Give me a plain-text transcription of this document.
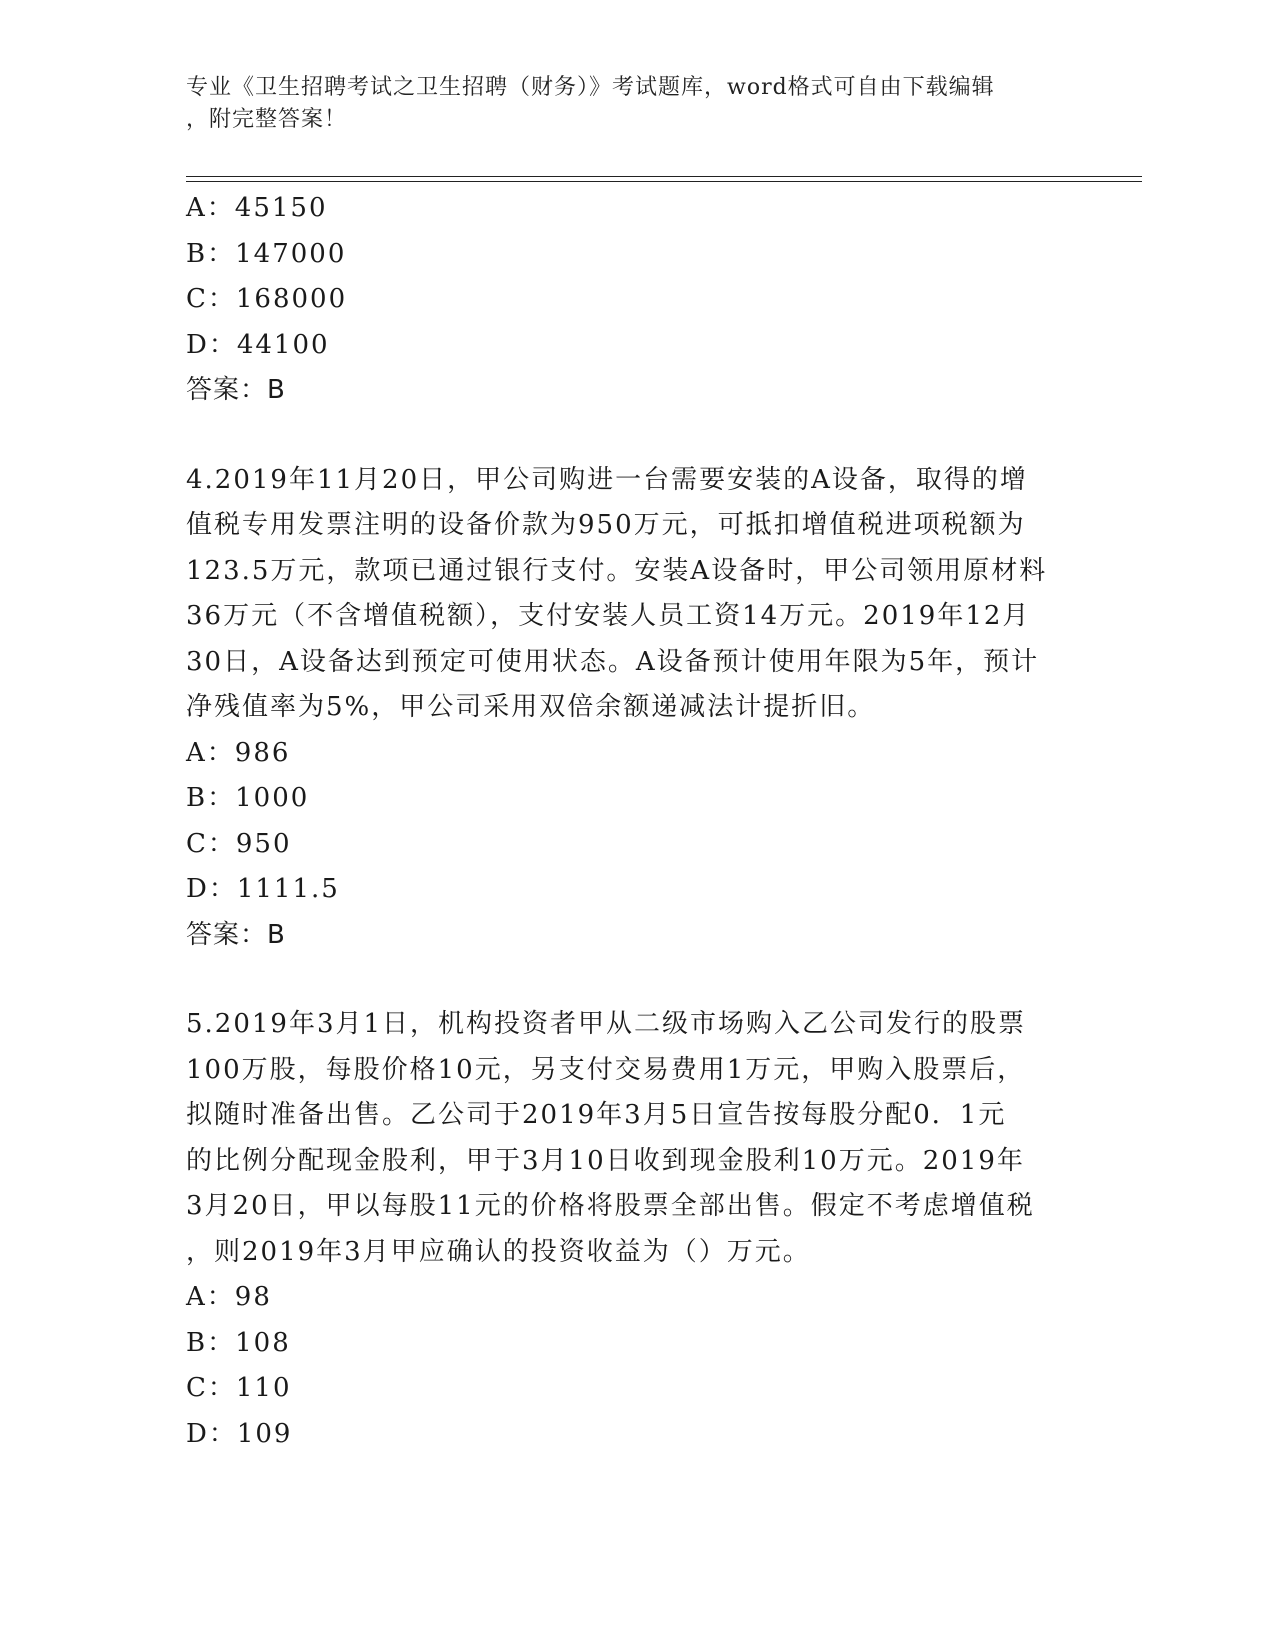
专业《卫生招聘考试之卫生招聘（财务）》考试题库，word格式可自由下载编辑
，附完整答案！
A：45150
B：147000
C：168000
D：44100
答案：B
4.2019年11月20日，甲公司购进一台需要安装的A设备，取得的增
值税专用发票注明的设备价款为950万元，可抵扣增值税进项税额为
123.5万元，款项已通过银行支付。安装A设备时，甲公司领用原材料
36万元（不含增值税额），支付安装人员工资14万元。2019年12月
30日，A设备达到预定可使用状态。A设备预计使用年限为5年，预计
净残值率为5%，甲公司采用双倍余额递减法计提折旧。
A：986
B：1000
C：950
D：1111.5
答案：B
5.2019年3月1日，机构投资者甲从二级市场购入乙公司发行的股票
100万股，每股价格10元，另支付交易费用1万元，甲购入股票后，
拟随时准备出售。乙公司于2019年3月5日宣告按每股分配0．1元
的比例分配现金股利，甲于3月10日收到现金股利10万元。2019年
3月20日，甲以每股11元的价格将股票全部出售。假定不考虑增值税
，则2019年3月甲应确认的投资收益为（）万元。
A：98
B：108
C：110
D：109
